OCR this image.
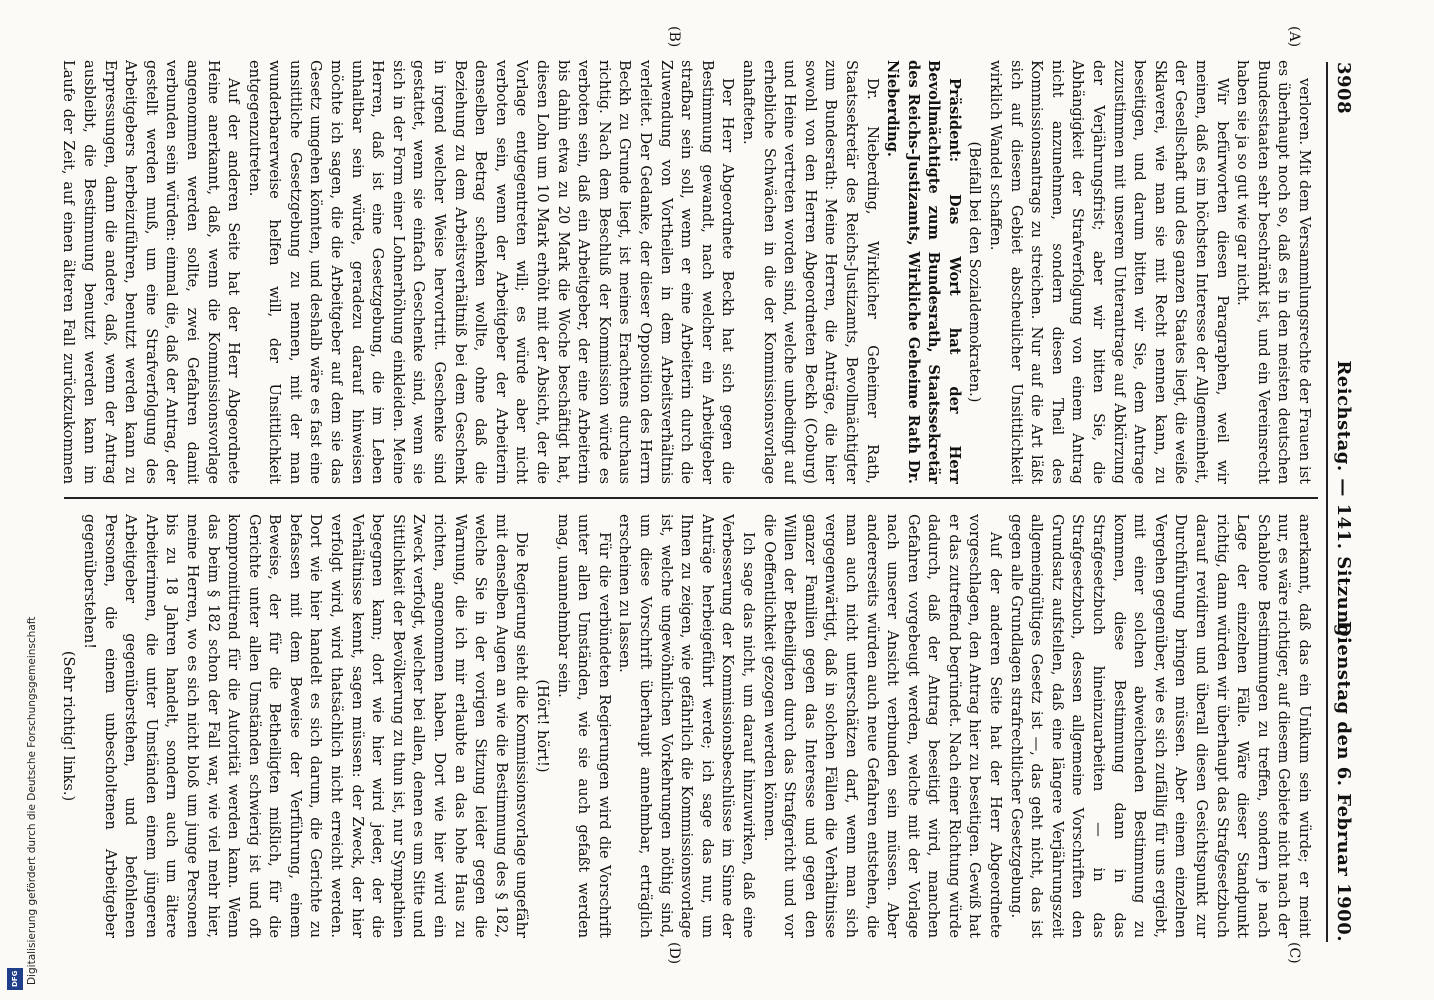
3908
Reichstag. — 141. Sitzung.
Dienstag den 6. Februar 1900.
(A)
(B)
(C)
(D)

verloren. Mit dem Versammlungsrechte der Frauen ist es überhaupt noch so, daß es in den meisten deutschen Bundesstaaten sehr beschränkt ist, und ein Vereinsrecht haben sie ja so gut wie gar nicht.

Wir befürworten diesen Paragraphen, weil wir meinen, daß es im höchsten Interesse der Allgemeinheit, der Gesellschaft und des ganzen Staates liegt, die weiße Sklaverei, wie man sie mit Recht nennen kann, zu beseitigen, und darum bitten wir Sie, dem Antrage zuzustimmen mit unserem Unterantrage auf Abkürzung der Verjährungsfrist; aber wir bitten Sie, die Abhängigkeit der Strafverfolgung von einem Antrag nicht anzunehmen, sondern diesen Theil des Kommissionsantrags zu streichen. Nur auf die Art läßt sich auf diesem Gebiet abscheulicher Unsittlichkeit wirklich Wandel schaffen.

(Beifall bei den Sozialdemokraten.)

Präsident: Das Wort hat der Herr Bevollmächtigte zum Bundesrath, Staatssekretär des Reichs-Justizamts, Wirkliche Geheime Rath Dr. Nieberding.

Dr. Nieberding, Wirklicher Geheimer Rath, Staatssekretär des Reichs-Justizamts, Bevollmächtigter zum Bundesrath: Meine Herren, die Anträge, die hier sowohl von den Herren Abgeordneten Beckh (Coburg) und Heine vertreten worden sind, welche unbedingt auf erhebliche Schwächen in die der Kommissionsvorlage anhafteten.

Der Herr Abgeordnete Beckh hat sich gegen die Bestimmung gewandt, nach welcher ein Arbeitgeber strafbar sein soll, wenn er eine Arbeiterin durch die Zuwendung von Vortheilen in dem Arbeitsverhältnis verleitet. Der Gedanke, der dieser Opposition des Herrn Beckh zu Grunde liegt, ist meines Erachtens durchaus richtig. Nach dem Beschluß der Kommission würde es verboten sein, daß ein Arbeitgeber, der eine Arbeiterin bis dahin etwa zu 20 Mark die Woche beschäftigt hat, diesen Lohn um 10 Mark erhöht mit der Absicht, der die Vorlage entgegentreten will; es würde aber nicht verboten sein, wenn der Arbeitgeber der Arbeiterin denselben Betrag schenken wollte, ohne daß die Beziehung zu dem Arbeitsverhältniß bei dem Geschenk in irgend welcher Weise hervortritt. Geschenke sind gestattet, wenn sie einfach Geschenke sind, wenn sie sich in der Form einer Lohnerhöhung einkleiden. Meine Herren, daß ist eine Gesetzgebung, die im Leben unhaltbar sein würde, geradezu darauf hinweisen möchte ich sagen, die die Arbeitgeber auf dem sie das Gesetz umgehen könnten, und deshalb wäre es fast eine unsittliche Gesetzgebung zu nennen, mit der man wunderbarerweise helfen will, der Unsittlichkeit entgegenzutreten.

Auf der anderen Seite hat der Herr Abgeordnete Heine anerkannt, daß, wenn die Kommissionsvorlage angenommen werden sollte, zwei Gefahren damit verbunden sein würden: einmal die, daß der Antrag, der gestellt werden muß, um eine Strafverfolgung des Arbeitgebers herbeizuführen, benutzt werden kann zu Erpressungen, dann die andere, daß, wenn der Antrag ausbleibt, die Bestimmung benutzt werden kann im Laufe der Zeit, auf einen älteren Fall zurückzukommen

anerkannt, daß das ein Unikum sein würde; er meint nur, es wäre richtiger, auf diesem Gebiete nicht nach der Schablone Bestimmungen zu treffen, sondern je nach Lage der einzelnen Fälle. Wäre dieser Standpunkt richtig, dann würden wir überhaupt das Strafgesetzbuch darauf revidiren und überall diesen Gesichtspunkt zur Durchführung bringen müssen. Aber einem einzelnen Vergehen gegenüber, wie es sich zufällig für uns ergiebt, mit einer solchen abweichenden Bestimmung zu kommen, diese Bestimmung dann in das Strafgesetzbuch hineinzuarbeiten — in das Strafgesetzbuch, dessen allgemeine Vorschriften den Grundsatz aufstellen, daß eine längere Verjährungszeit allgemeingültiges Gesetz ist —, das geht nicht, das ist gegen alle Grundlagen strafrechtlicher Gesetzgebung.

Auf der anderen Seite hat der Herr Abgeordnete vorgeschlagen, den Antrag hier zu beseitigen. Gewiß hat er das zutreffend begründet. Nach einer Richtung würde dadurch, daß der Antrag beseitigt wird, manchen Gefahren vorgebeugt werden, welche mit der Vorlage nach unserer Ansicht verbunden sein müssen. Aber andererseits würden auch neue Gefahren entstehen, die man auch nicht unterschätzen darf, wenn man sich vergegenwärtigt, daß in solchen Fällen die Verhältnisse ganzer Familien gegen das Interesse und gegen den Willen der Betheiligten durch das Strafgericht und vor die Oeffentlichkeit gezogen werden können.

Ich sage das nicht, um darauf hinzuwirken, daß eine Verbesserung der Kommissionsbeschlüsse im Sinne der Anträge herbeigeführt werde; ich sage das nur, um Ihnen zu zeigen, wie gefährlich die Kommissionsvorlage ist, welche ungewöhnlichen Vorkehrungen nöthig sind, um diese Vorschrift überhaupt annehmbar, erträglich erscheinen zu lassen.

Für die verbündeten Regierungen wird die Vorschrift unter allen Umständen, wie sie auch gefaßt werden mag, unannehmbar sein.

(Hört! hört!)

Die Regierung sieht die Kommissionsvorlage ungefähr mit denselben Augen an wie die Bestimmung des § 182, welche Sie in der vorigen Sitzung leider gegen die Warnung, die ich mir erlaubte an das hohe Haus zu richten, angenommen haben. Dort wie hier wird ein Zweck verfolgt, welcher bei allen, denen es um Sitte und Sittlichkeit der Bevölkerung zu thun ist, nur Sympathien begegnen kann; dort wie hier wird jeder, der die Verhältnisse kennt, sagen müssen: der Zweck, der hier verfolgt wird, wird thatsächlich nicht erreicht werden. Dort wie hier handelt es sich darum, die Gerichte zu befassen mit dem Beweise der Verführung, einem Beweise, der für die Betheiligten mißlich, für die Gerichte unter allen Umständen schwierig ist und oft kompromittirend für die Autorität werden kann. Wenn das beim § 182 schon der Fall war, wie viel mehr hier, meine Herren, wo es sich nicht bloß um junge Personen bis zu 18 Jahren handelt, sondern auch um ältere Arbeiterinnen, die unter Umständen einem jüngeren Arbeitgeber gegenüberstehen, und befohlenen Personen, die einem unbescholtenen Arbeitgeber gegenüberstehen!

(Sehr richtig! links.)

Digitalisierung gefördert durch die Deutsche Forschungsgemeinschaft
DFG
